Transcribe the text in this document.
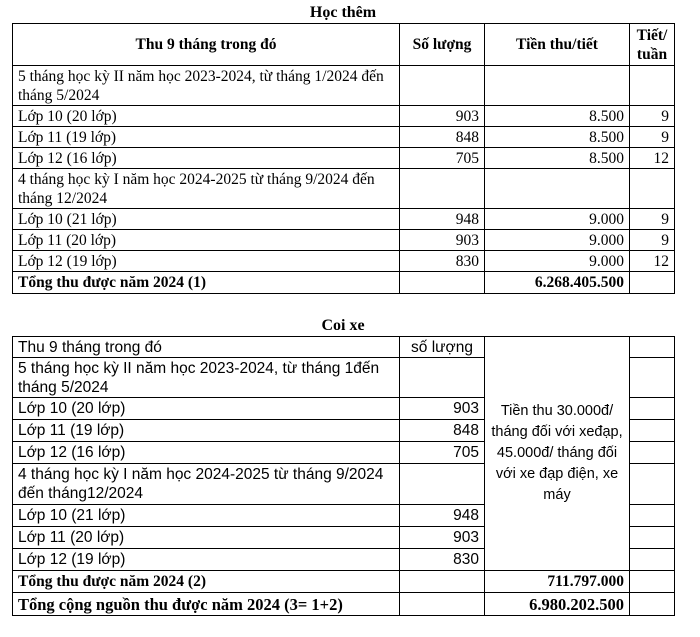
Học thêm
Thu 9 tháng trong đó	Số lượng	Tiền thu/tiết	Tiết/ tuần
5 tháng học kỳ II năm học 2023-2024, từ tháng 1/2024 đến tháng 5/2024			
Lớp 10 (20 lớp)	903	8.500	9
Lớp 11 (19 lớp)	848	8.500	9
Lớp 12 (16 lớp)	705	8.500	12
4 tháng học kỳ I năm học 2024-2025 từ tháng 9/2024 đến tháng 12/2024			
Lớp 10 (21 lớp)	948	9.000	9
Lớp 11 (20 lớp)	903	9.000	9
Lớp 12 (19 lớp)	830	9.000	12
Tổng thu được năm 2024 (1)		6.268.405.500	
Coi xe
Thu 9 tháng trong đó	số lượng	Tiền thu 30.000đ/ tháng đối với xeđạp, 45.000đ/ tháng đối với xe đạp điện, xe máy	
5 tháng học kỳ II năm học 2023-2024, từ tháng 1đến tháng 5/2024			
Lớp 10 (20 lớp)	903		
Lớp 11 (19 lớp)	848		
Lớp 12 (16 lớp)	705		
4 tháng học kỳ I năm học 2024-2025 từ tháng 9/2024 đến tháng12/2024			
Lớp 10 (21 lớp)	948		
Lớp 11 (20 lớp)	903		
Lớp 12 (19 lớp)	830		
Tổng thu được năm 2024 (2)		711.797.000	
Tổng cộng nguồn thu được năm 2024 (3= 1+2)		6.980.202.500	
